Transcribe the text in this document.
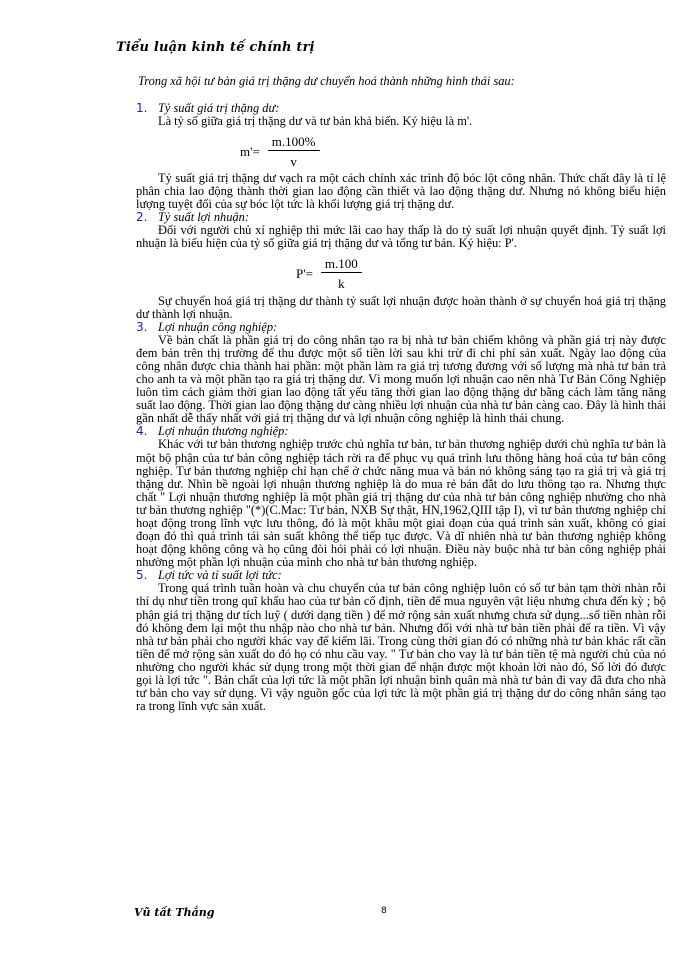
Tiểu luận kinh tế chính trị
Trong xã hội tư bản giá trị thặng dư chuyển hoá thành những hình thái sau:
1. Tỷ suất giá trị thặng dư:

Là tỷ số giữa giá trị thặng dư và tư bản khả biến. Ký hiệu là m'.

$m'= \frac{m.100\%}{v}$

Tỷ suất giá trị thặng dư vạch ra một cách chính xác trình độ bóc lột công nhân. Thức chất đây là tỉ lệ phân chia lao động thành thời gian lao động cần thiết và lao động thặng dư. Nhưng nó không biểu hiện lượng tuyệt đối của sự bóc lột tức là khối lượng giá trị thặng dư.

2. Tỷ suất lợi nhuận:

Đối với người chủ xí nghiệp thì mức lãi cao hay thấp là do tỷ suất lợi nhuận quyết định. Tỷ suất lợi nhuận là biểu hiện của tỷ số giữa giá trị thặng dư và tổng tư bản. Ký hiệu: P'.

$P'= \frac{m.100}{k}$

Sự chuyển hoá giá trị thặng dư thành tỷ suất lợi nhuận được hoàn thành ở sự chuyển hoá giá trị thặng dư thành lợi nhuận.

3. Lợi nhuận công nghiệp:

Về bản chất là phần giá trị do công nhân tạo ra bị nhà tư bản chiếm không và phần giá trị này được đem bán trên thị trường để thu được một số tiền lời sau khi trừ đi chi phí sản xuất. Ngày lao động của công nhân được chia thành hai phần: một phần làm ra giá trị tương đương với số lượng mà nhà tư bản trả cho anh ta và một phần tạo ra giá trị thặng dư. Vì mong muốn lợi nhuận cao nên nhà Tư Bản Công Nghiệp luôn tìm cách giảm thời gian lao động tất yếu tăng thời gian lao động thặng dư bằng cách làm tăng năng suất lao động. Thời gian lao động thặng dư càng nhiều lợi nhuận của nhà tư bản càng cao. Đây là hình thái gần nhất dễ thấy nhất với giá trị thặng dư và lợi nhuận công nghiệp là hình thái chung.

4. Lợi nhuận thương nghiệp:

Khác với tư bản thương nghiệp trước chủ nghĩa tư bản, tư bản thương nghiệp dưới chủ nghĩa tư bản là một bộ phận của tư bản công nghiệp tách rời ra để phục vụ quá trình lưu thông hàng hoá của tư bản công nghiệp. Tư bản thương nghiệp chỉ hạn chế ở chức năng mua và bán nó không sáng tạo ra giá trị và giá trị thặng dư. Nhìn bề ngoài lợi nhuận thương nghiệp là do mua rẻ bán đắt do lưu thông tạo ra. Nhưng thực chất " Lợi nhuận thương nghiệp là một phần giá trị thặng dư của nhà tư bản công nghiệp nhường cho nhà tư bản thương nghiệp "(*)(C.Mac: Tư bản, NXB Sự thật, HN,1962,QIII tập I), vì tư bản thương nghiệp chỉ hoạt động trong lĩnh vực lưu thông, đó là một khâu một giai đoạn của quá trình sản xuất, không có giai đoạn đó thì quá trình tái sản suất không thể tiếp tục được. Và dĩ nhiên nhà tư bản thương nghiệp không hoạt động không công và họ cũng đòi hỏi phải có lợi nhuận. Điều này buộc nhà tư bản công nghiệp phải nhường một phần lợi nhuận của mình cho nhà tư bản thương nghiệp.

5. Lợi tức và tỉ suất lợi tức:

Trong quá trình tuần hoàn và chu chuyển của tư bản công nghiệp luôn có số tư bản tạm thời nhàn rỗi thí dụ như tiền trong quĩ khấu hao của tư bản cố định, tiền để mua nguyên vật liệu nhưng chưa đến kỳ ; bộ phận giá trị thặng dư tích luỹ ( dưới dạng tiền ) để mở rộng sản xuất nhưng chưa sử dụng...số tiền nhàn rỗi đó không đem lại một thu nhập nào cho nhà tư bản. Nhưng đối với nhà tư bản tiền phải để ra tiền. Vì vậy nhà tư bản phải cho người khác vay để kiếm lãi. Trong cùng thời gian đó có những nhà tư bản khác rất cần tiền để mở rộng sản xuất do đó họ có nhu cầu vay. " Tư bản cho vay là tư bản tiền tệ mà người chủ của nó nhường cho người khác sử dụng trong một thời gian để nhận được một khoản lời nào đó, Số lời đó được gọi là lợi tức ". Bản chất của lợi tức là một phần lợi nhuận bình quân mà nhà tư bản đi vay đã đưa cho nhà tư bản cho vay sử dụng. Vì vậy nguồn gốc của lợi tức là một phần giá trị thặng dư do công nhân sáng tạo ra trong lĩnh vực sản xuất.

Vũ tất Thắng	8
